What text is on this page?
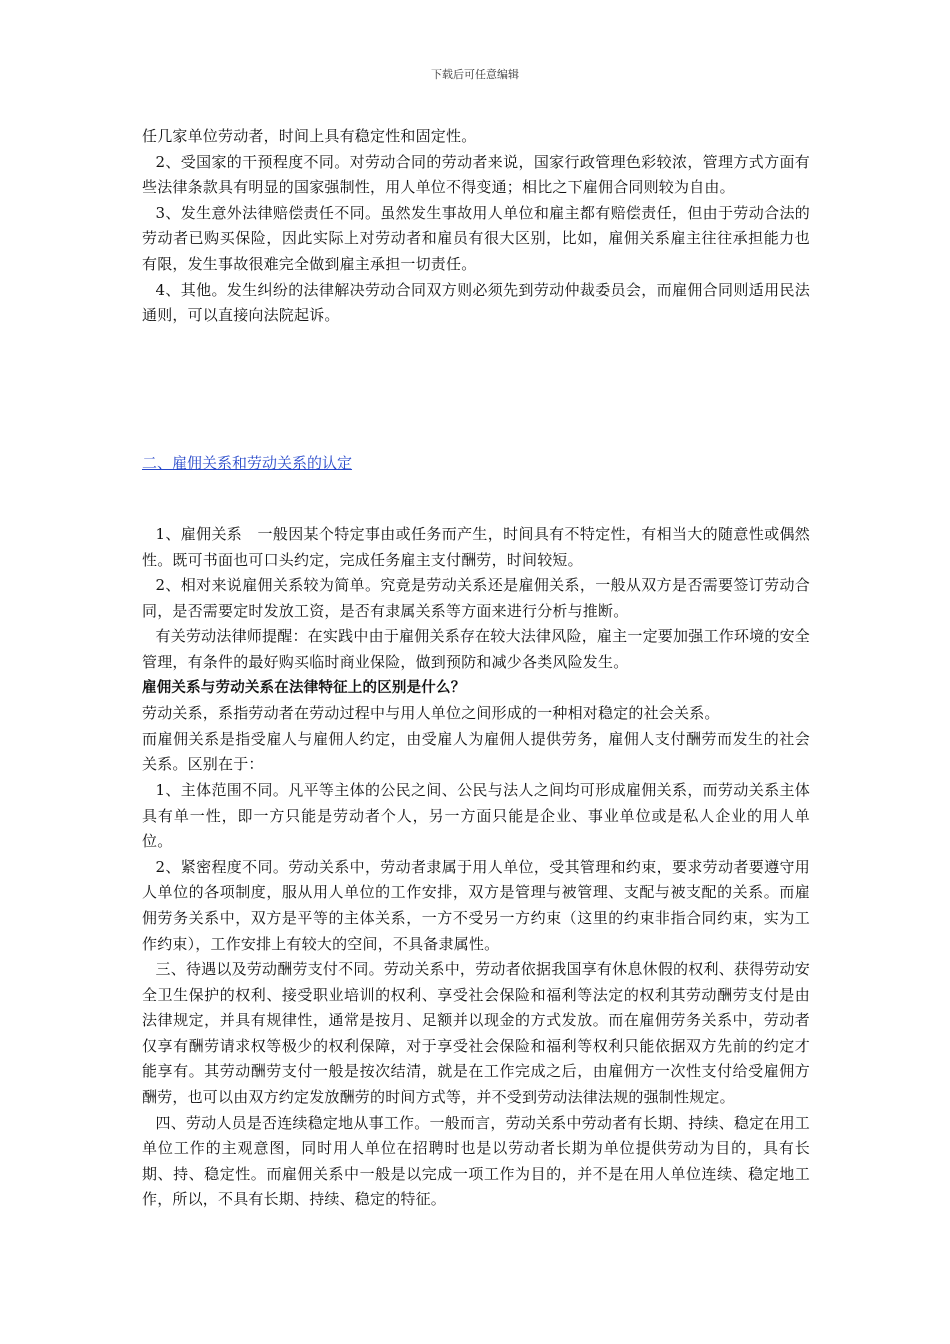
下载后可任意编辑

任几家单位劳动者，时间上具有稳定性和固定性。

2、受国家的干预程度不同。对劳动合同的劳动者来说，国家行政管理色彩较浓，管理方式方面有些法律条款具有明显的国家强制性，用人单位不得变通；相比之下雇佣合同则较为自由。

3、发生意外法律赔偿责任不同。虽然发生事故用人单位和雇主都有赔偿责任，但由于劳动合法的劳动者已购买保险，因此实际上对劳动者和雇员有很大区别，比如，雇佣关系雇主往往承担能力也有限，发生事故很难完全做到雇主承担一切责任。

4、其他。发生纠纷的法律解决劳动合同双方则必须先到劳动仲裁委员会，而雇佣合同则适用民法通则，可以直接向法院起诉。

二、雇佣关系和劳动关系的认定

1、雇佣关系　一般因某个特定事由或任务而产生，时间具有不特定性，有相当大的随意性或偶然性。既可书面也可口头约定，完成任务雇主支付酬劳，时间较短。

2、相对来说雇佣关系较为简单。究竟是劳动关系还是雇佣关系，一般从双方是否需要签订劳动合同，是否需要定时发放工资，是否有隶属关系等方面来进行分析与推断。

有关劳动法律师提醒：在实践中由于雇佣关系存在较大法律风险，雇主一定要加强工作环境的安全管理，有条件的最好购买临时商业保险，做到预防和减少各类风险发生。

雇佣关系与劳动关系在法律特征上的区别是什么？

劳动关系，系指劳动者在劳动过程中与用人单位之间形成的一种相对稳定的社会关系。

而雇佣关系是指受雇人与雇佣人约定，由受雇人为雇佣人提供劳务，雇佣人支付酬劳而发生的社会关系。区别在于：

1、主体范围不同。凡平等主体的公民之间、公民与法人之间均可形成雇佣关系，而劳动关系主体具有单一性，即一方只能是劳动者个人，另一方面只能是企业、事业单位或是私人企业的用人单位。

2、紧密程度不同。劳动关系中，劳动者隶属于用人单位，受其管理和约束，要求劳动者要遵守用人单位的各项制度，服从用人单位的工作安排，双方是管理与被管理、支配与被支配的关系。而雇佣劳务关系中，双方是平等的主体关系，一方不受另一方约束（这里的约束非指合同约束，实为工作约束），工作安排上有较大的空间，不具备隶属性。

三、待遇以及劳动酬劳支付不同。劳动关系中，劳动者依据我国享有休息休假的权利、获得劳动安全卫生保护的权利、接受职业培训的权利、享受社会保险和福利等法定的权利其劳动酬劳支付是由法律规定，并具有规律性，通常是按月、足额并以现金的方式发放。而在雇佣劳务关系中，劳动者仅享有酬劳请求权等极少的权利保障，对于享受社会保险和福利等权利只能依据双方先前的约定才能享有。其劳动酬劳支付一般是按次结清，就是在工作完成之后，由雇佣方一次性支付给受雇佣方酬劳，也可以由双方约定发放酬劳的时间方式等，并不受到劳动法律法规的强制性规定。

四、劳动人员是否连续稳定地从事工作。一般而言，劳动关系中劳动者有长期、持续、稳定在用工单位工作的主观意图，同时用人单位在招聘时也是以劳动者长期为单位提供劳动为目的，具有长期、持、稳定性。而雇佣关系中一般是以完成一项工作为目的，并不是在用人单位连续、稳定地工作，所以，不具有长期、持续、稳定的特征。
